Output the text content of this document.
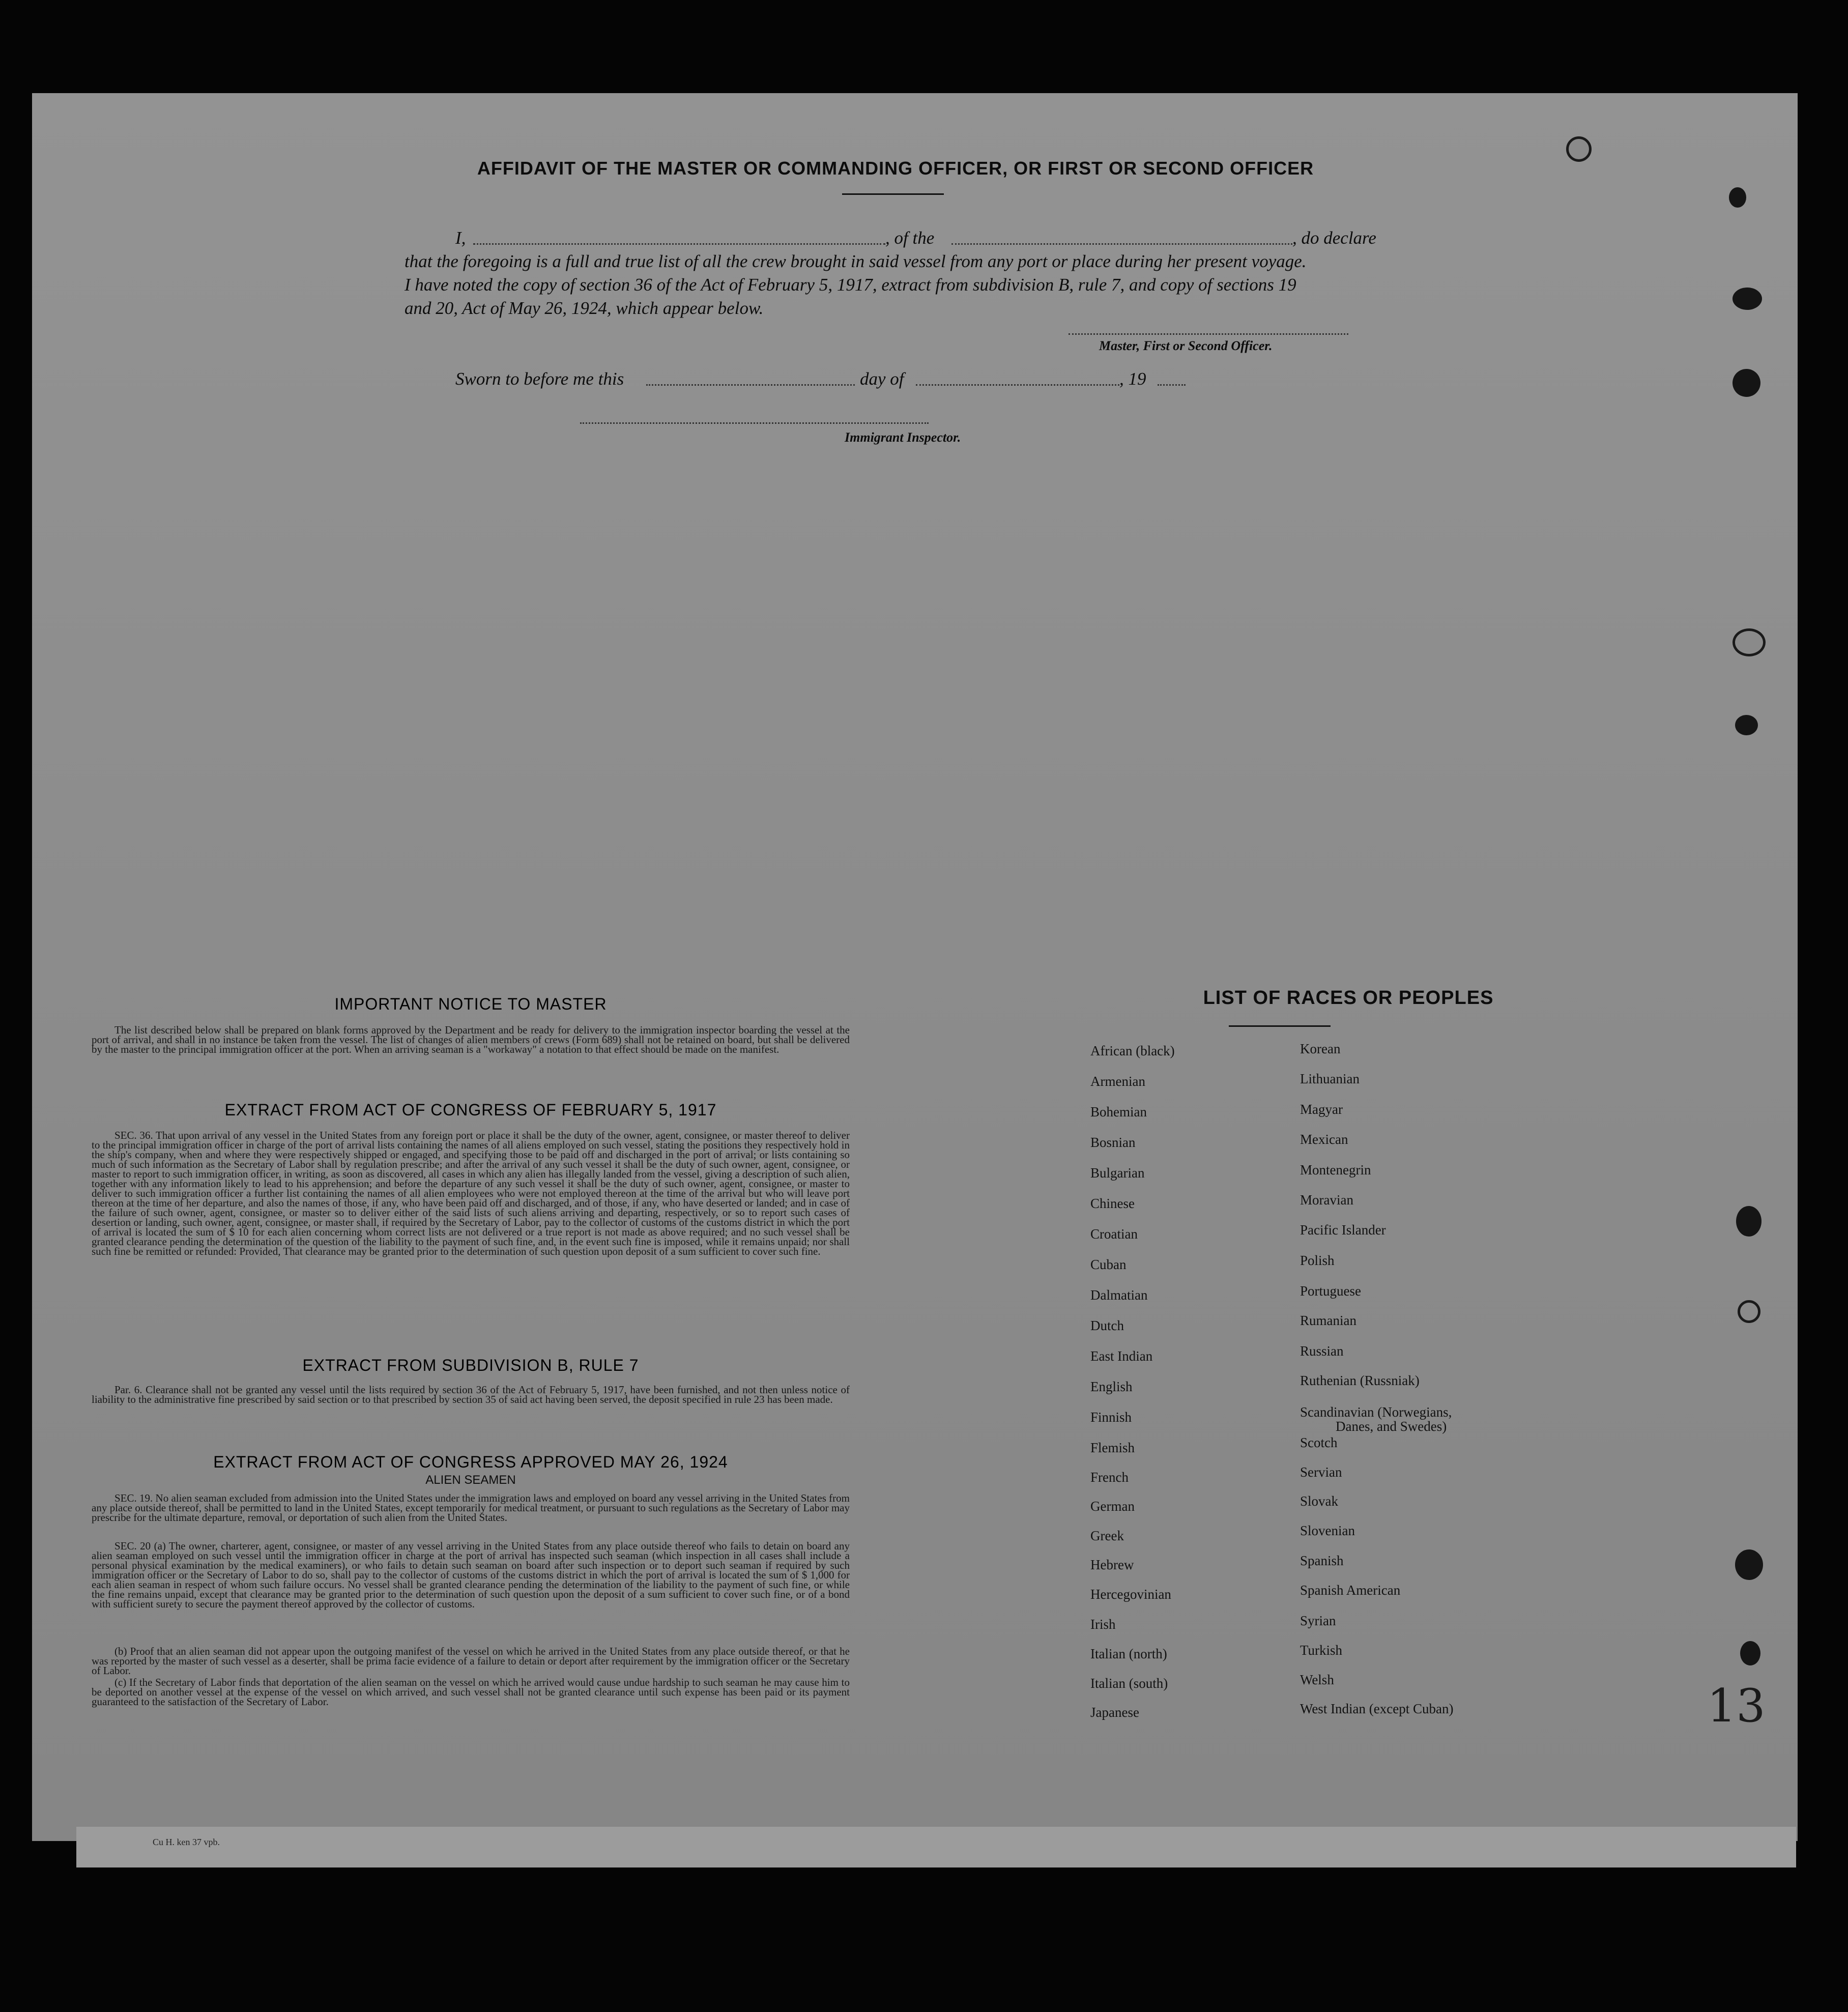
Cu H. ken 37 vpb.
AFFIDAVIT OF THE MASTER OR COMMANDING OFFICER, OR FIRST OR SECOND OFFICER
I,	, of the	, do declare
that the foregoing is a full and true list of all the crew brought in said vessel from any port or place during her present voyage.
I have noted the copy of section 36 of the Act of February 5, 1917, extract from subdivision B, rule 7, and copy of sections 19
and 20, Act of May 26, 1924, which appear below.
Master, First or Second Officer.
Sworn to before me this	day of	, 19
Immigrant Inspector.
IMPORTANT NOTICE TO MASTER
The list described below shall be prepared on blank forms approved by the Department and be ready for delivery to the immigration inspector boarding the vessel at the port of arrival, and shall in no instance be taken from the vessel. The list of changes of alien members of crews (Form 689) shall not be retained on board, but shall be delivered by the master to the principal immigration officer at the port. When an arriving seaman is a "workaway" a notation to that effect should be made on the manifest.
EXTRACT FROM ACT OF CONGRESS OF FEBRUARY 5, 1917
SEC. 36. That upon arrival of any vessel in the United States from any foreign port or place it shall be the duty of the owner, agent, consignee, or master thereof to deliver to the principal immigration officer in charge of the port of arrival lists containing the names of all aliens employed on such vessel, stating the positions they respectively hold in the ship's company, when and where they were respectively shipped or engaged, and specifying those to be paid off and discharged in the port of arrival; or lists containing so much of such information as the Secretary of Labor shall by regulation prescribe; and after the arrival of any such vessel it shall be the duty of such owner, agent, consignee, or master to report to such immigration officer, in writing, as soon as discovered, all cases in which any alien has illegally landed from the vessel, giving a description of such alien, together with any information likely to lead to his apprehension; and before the departure of any such vessel it shall be the duty of such owner, agent, consignee, or master to deliver to such immigration officer a further list containing the names of all alien employees who were not employed thereon at the time of the arrival but who will leave port thereon at the time of her departure, and also the names of those, if any, who have been paid off and discharged, and of those, if any, who have deserted or landed; and in case of the failure of such owner, agent, consignee, or master so to deliver either of the said lists of such aliens arriving and departing, respectively, or so to report such cases of desertion or landing, such owner, agent, consignee, or master shall, if required by the Secretary of Labor, pay to the collector of customs of the customs district in which the port of arrival is located the sum of $ 10 for each alien concerning whom correct lists are not delivered or a true report is not made as above required; and no such vessel shall be granted clearance pending the determination of the question of the liability to the payment of such fine, and, in the event such fine is imposed, while it remains unpaid; nor shall such fine be remitted or refunded: Provided, That clearance may be granted prior to the determination of such question upon deposit of a sum sufficient to cover such fine.
EXTRACT FROM SUBDIVISION B, RULE 7
Par. 6. Clearance shall not be granted any vessel until the lists required by section 36 of the Act of February 5, 1917, have been furnished, and not then unless notice of liability to the administrative fine prescribed by said section or to that prescribed by section 35 of said act having been served, the deposit specified in rule 23 has been made.
EXTRACT FROM ACT OF CONGRESS APPROVED MAY 26, 1924
ALIEN SEAMEN
SEC. 19. No alien seaman excluded from admission into the United States under the immigration laws and employed on board any vessel arriving in the United States from any place outside thereof, shall be permitted to land in the United States, except temporarily for medical treatment, or pursuant to such regulations as the Secretary of Labor may prescribe for the ultimate departure, removal, or deportation of such alien from the United States.
SEC. 20 (a) The owner, charterer, agent, consignee, or master of any vessel arriving in the United States from any place outside thereof who fails to detain on board any alien seaman employed on such vessel until the immigration officer in charge at the port of arrival has inspected such seaman (which inspection in all cases shall include a personal physical examination by the medical examiners), or who fails to detain such seaman on board after such inspection or to deport such seaman if required by such immigration officer or the Secretary of Labor to do so, shall pay to the collector of customs of the customs district in which the port of arrival is located the sum of $ 1,000 for each alien seaman in respect of whom such failure occurs. No vessel shall be granted clearance pending the determination of the liability to the payment of such fine, or while the fine remains unpaid, except that clearance may be granted prior to the determination of such question upon the deposit of a sum sufficient to cover such fine, or of a bond with sufficient surety to secure the payment thereof approved by the collector of customs.
(b) Proof that an alien seaman did not appear upon the outgoing manifest of the vessel on which he arrived in the United States from any place outside thereof, or that he was reported by the master of such vessel as a deserter, shall be prima facie evidence of a failure to detain or deport after requirement by the immigration officer or the Secretary of Labor.
(c) If the Secretary of Labor finds that deportation of the alien seaman on the vessel on which he arrived would cause undue hardship to such seaman he may cause him to be deported on another vessel at the expense of the vessel on which arrived, and such vessel shall not be granted clearance until such expense has been paid or its payment guaranteed to the satisfaction of the Secretary of Labor.
LIST OF RACES OR PEOPLES
African (black)
Armenian
Bohemian
Bosnian
Bulgarian
Chinese
Croatian
Cuban
Dalmatian
Dutch
East Indian
English
Finnish
Flemish
French
German
Greek
Hebrew
Hercegovinian
Irish
Italian (north)
Italian (south)
Japanese
Korean
Lithuanian
Magyar
Mexican
Montenegrin
Moravian
Pacific Islander
Polish
Portuguese
Rumanian
Russian
Ruthenian (Russniak)
Scandinavian (Norwegians,
Scotch
Servian
Slovak
Slovenian
Spanish
Spanish American
Syrian
Turkish
Welsh
West Indian (except Cuban)
Danes, and Swedes)
13
